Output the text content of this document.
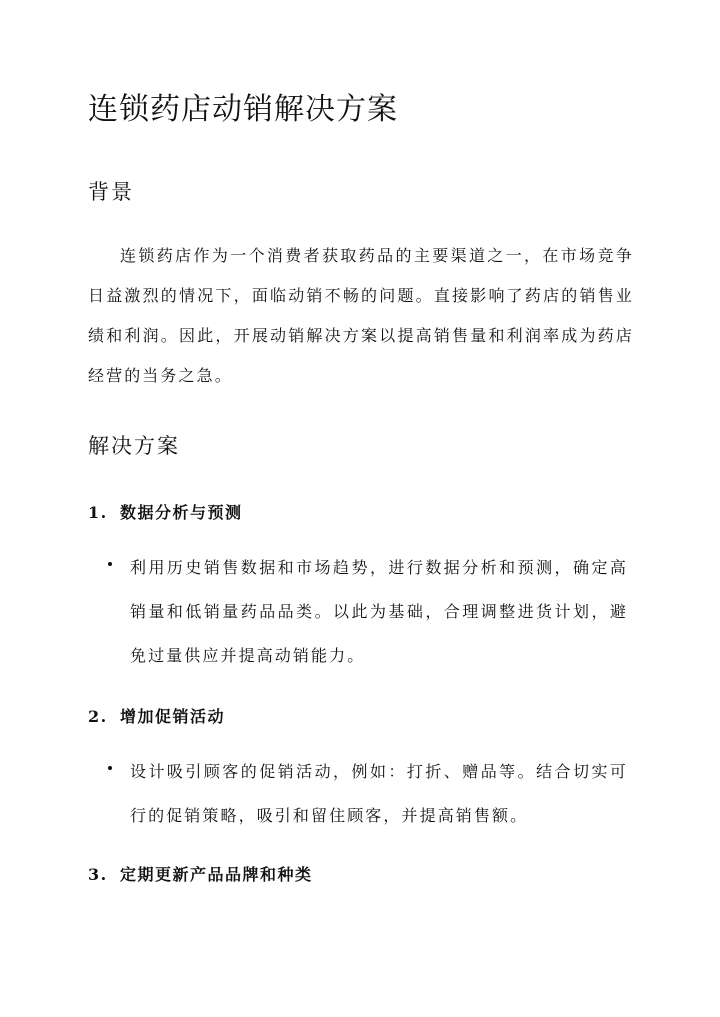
连锁药店动销解决方案
背景

连锁药店作为一个消费者获取药品的主要渠道之一，在市场竞争日益激烈的情况下，面临动销不畅的问题。直接影响了药店的销售业绩和利润。因此，开展动销解决方案以提高销售量和利润率成为药店经营的当务之急。

解决方案
1. 数据分析与预测

利用历史销售数据和市场趋势，进行数据分析和预测，确定高销量和低销量药品品类。以此为基础，合理调整进货计划，避免过量供应并提高动销能力。

2. 增加促销活动

设计吸引顾客的促销活动，例如：打折、赠品等。结合切实可行的促销策略，吸引和留住顾客，并提高销售额。

3. 定期更新产品品牌和种类
